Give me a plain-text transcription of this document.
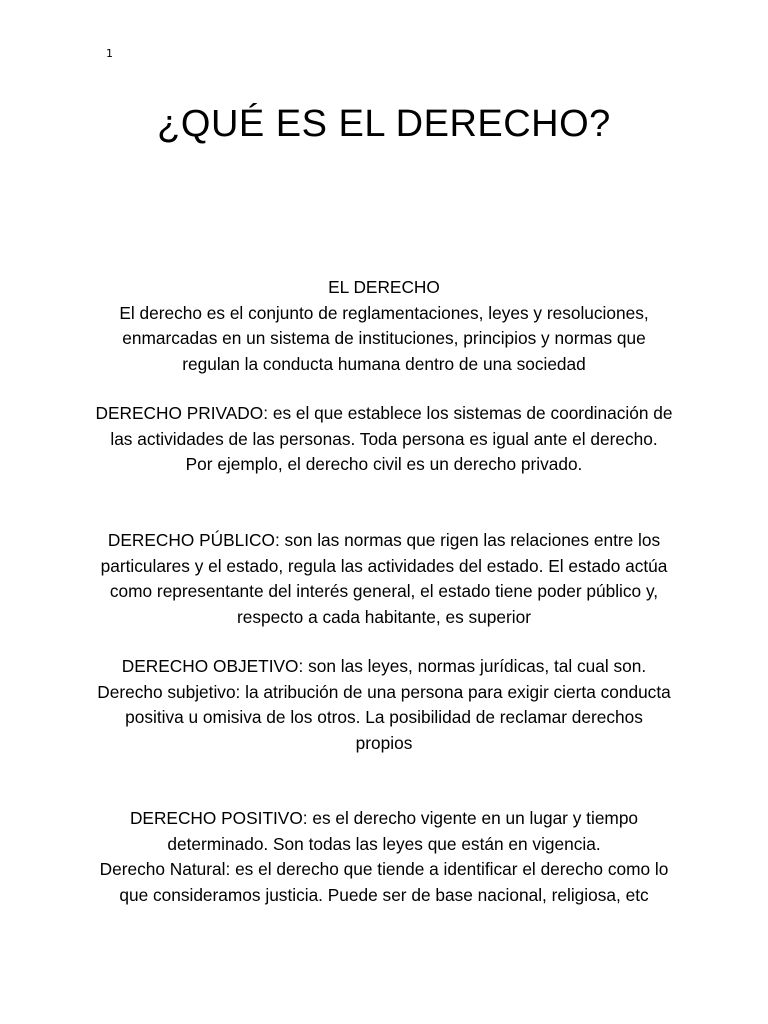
1
¿QUÉ ES EL DERECHO?

EL DERECHO

El derecho es el conjunto de reglamentaciones, leyes y resoluciones, enmarcadas en un sistema de instituciones, principios y normas que regulan la conducta humana dentro de una sociedad

DERECHO PRIVADO: es el que establece los sistemas de coordinación de las actividades de las personas. Toda persona es igual ante el derecho. Por ejemplo, el derecho civil es un derecho privado.

DERECHO PÚBLICO: son las normas que rigen las relaciones entre los particulares y el estado, regula las actividades del estado. El estado actúa como representante del interés general, el estado tiene poder público y, respecto a cada habitante, es superior

DERECHO OBJETIVO: son las leyes, normas jurídicas, tal cual son.

Derecho subjetivo: la atribución de una persona para exigir cierta conducta positiva u omisiva de los otros. La posibilidad de reclamar derechos propios

DERECHO POSITIVO: es el derecho vigente en un lugar y tiempo determinado. Son todas las leyes que están en vigencia.

Derecho Natural: es el derecho que tiende a identificar el derecho como lo que consideramos justicia. Puede ser de base nacional, religiosa, etc
